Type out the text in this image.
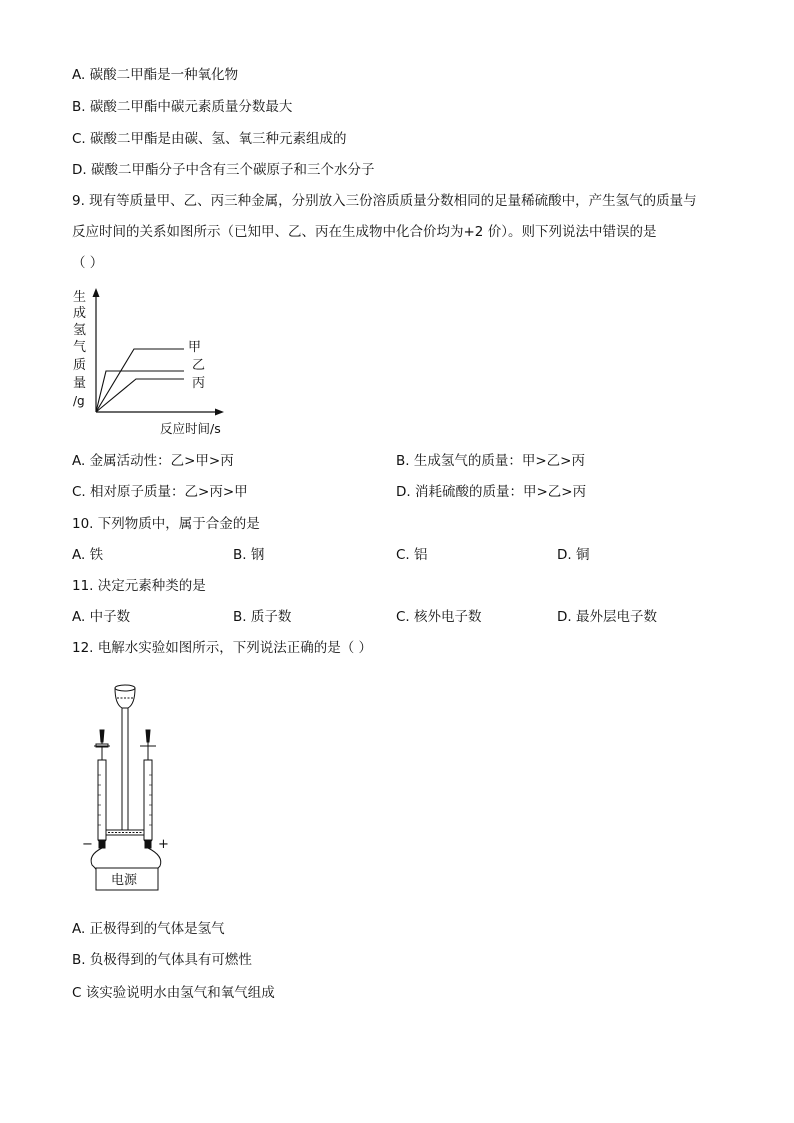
A. 碳酸二甲酯是一种氧化物
B. 碳酸二甲酯中碳元素质量分数最大
C. 碳酸二甲酯是由碳、氢、氧三种元素组成的
D. 碳酸二甲酯分子中含有三个碳原子和三个水分子
9. 现有等质量甲、乙、丙三种金属，分别放入三份溶质质量分数相同的足量稀硫酸中，产生氢气的质量与
反应时间的关系如图所示（已知甲、乙、丙在生成物中化合价均为+2 价）。则下列说法中错误的是
（ ）
生
成
氢
气
质
量
/g
甲
乙
丙
反应时间/s
A. 金属活动性：乙>甲>丙	B. 生成氢气的质量：甲>乙>丙
C. 相对原子质量：乙>丙>甲	D. 消耗硫酸的质量：甲>乙>丙
10. 下列物质中，属于合金的是
A. 铁	B. 钢	C. 铝	D. 铜
11. 决定元素种类的是
A. 中子数	B. 质子数	C. 核外电子数	D. 最外层电子数
12. 电解水实验如图所示，下列说法正确的是（ ）
−	+
电源
A. 正极得到的气体是氢气
B. 负极得到的气体具有可燃性
C 该实验说明水由氢气和氧气组成
